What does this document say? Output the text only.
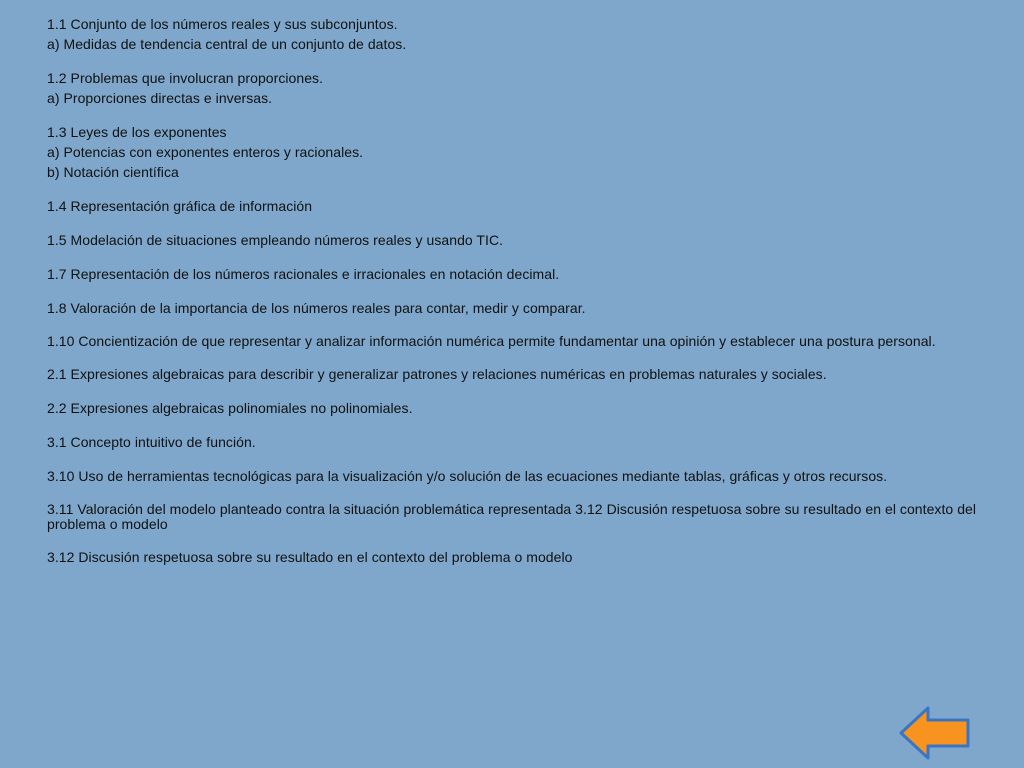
1.1 Conjunto de los números reales y sus subconjuntos.
a) Medidas de tendencia central de un conjunto de datos.
1.2 Problemas que involucran proporciones.
a) Proporciones directas e inversas.
1.3 Leyes de los exponentes
a) Potencias con exponentes enteros y racionales.
b) Notación científica
1.4 Representación gráfica de información
1.5 Modelación de situaciones empleando números reales y usando TIC.
1.7 Representación de los números racionales e irracionales en notación decimal.
1.8 Valoración de la importancia de los números reales para contar, medir y comparar.
1.10 Concientización de que representar y analizar información numérica permite fundamentar una opinión y establecer una postura personal.
2.1 Expresiones algebraicas para describir y generalizar patrones y relaciones numéricas en problemas naturales y sociales.
2.2 Expresiones algebraicas polinomiales no polinomiales.
3.1 Concepto intuitivo de función.
3.10 Uso de herramientas tecnológicas para la visualización y/o solución de las ecuaciones mediante tablas, gráficas y otros recursos.
3.11 Valoración del modelo planteado contra la situación problemática representada 3.12 Discusión respetuosa sobre su resultado en el contexto del problema o modelo
3.12 Discusión respetuosa sobre su resultado en el contexto del problema o modelo
